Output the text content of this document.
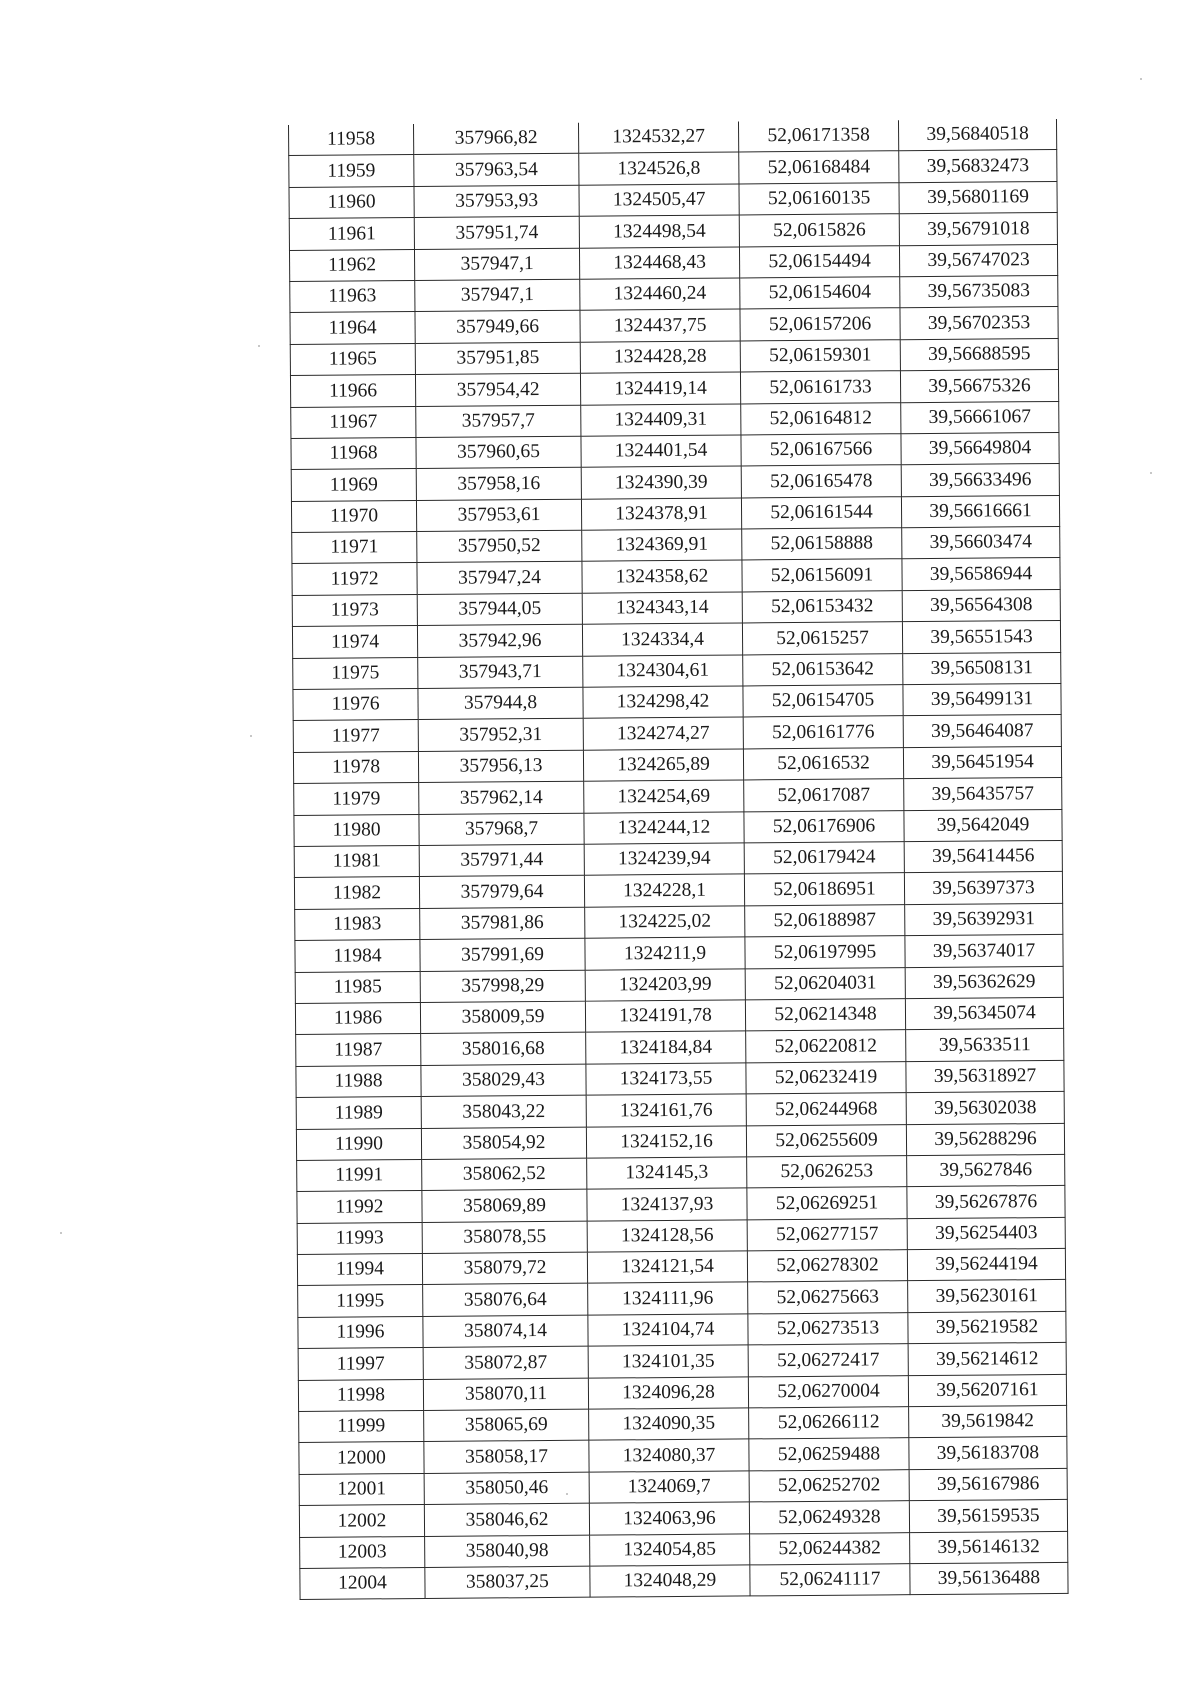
11958	357966,82	1324532,27	52,06171358	39,56840518
11959	357963,54	1324526,8	52,06168484	39,56832473
11960	357953,93	1324505,47	52,06160135	39,56801169
11961	357951,74	1324498,54	52,0615826	39,56791018
11962	357947,1	1324468,43	52,06154494	39,56747023
11963	357947,1	1324460,24	52,06154604	39,56735083
11964	357949,66	1324437,75	52,06157206	39,56702353
11965	357951,85	1324428,28	52,06159301	39,56688595
11966	357954,42	1324419,14	52,06161733	39,56675326
11967	357957,7	1324409,31	52,06164812	39,56661067
11968	357960,65	1324401,54	52,06167566	39,56649804
11969	357958,16	1324390,39	52,06165478	39,56633496
11970	357953,61	1324378,91	52,06161544	39,56616661
11971	357950,52	1324369,91	52,06158888	39,56603474
11972	357947,24	1324358,62	52,06156091	39,56586944
11973	357944,05	1324343,14	52,06153432	39,56564308
11974	357942,96	1324334,4	52,0615257	39,56551543
11975	357943,71	1324304,61	52,06153642	39,56508131
11976	357944,8	1324298,42	52,06154705	39,56499131
11977	357952,31	1324274,27	52,06161776	39,56464087
11978	357956,13	1324265,89	52,0616532	39,56451954
11979	357962,14	1324254,69	52,0617087	39,56435757
11980	357968,7	1324244,12	52,06176906	39,5642049
11981	357971,44	1324239,94	52,06179424	39,56414456
11982	357979,64	1324228,1	52,06186951	39,56397373
11983	357981,86	1324225,02	52,06188987	39,56392931
11984	357991,69	1324211,9	52,06197995	39,56374017
11985	357998,29	1324203,99	52,06204031	39,56362629
11986	358009,59	1324191,78	52,06214348	39,56345074
11987	358016,68	1324184,84	52,06220812	39,5633511
11988	358029,43	1324173,55	52,06232419	39,56318927
11989	358043,22	1324161,76	52,06244968	39,56302038
11990	358054,92	1324152,16	52,06255609	39,56288296
11991	358062,52	1324145,3	52,0626253	39,5627846
11992	358069,89	1324137,93	52,06269251	39,56267876
11993	358078,55	1324128,56	52,06277157	39,56254403
11994	358079,72	1324121,54	52,06278302	39,56244194
11995	358076,64	1324111,96	52,06275663	39,56230161
11996	358074,14	1324104,74	52,06273513	39,56219582
11997	358072,87	1324101,35	52,06272417	39,56214612
11998	358070,11	1324096,28	52,06270004	39,56207161
11999	358065,69	1324090,35	52,06266112	39,5619842
12000	358058,17	1324080,37	52,06259488	39,56183708
12001	358050,46	1324069,7	52,06252702	39,56167986
12002	358046,62	1324063,96	52,06249328	39,56159535
12003	358040,98	1324054,85	52,06244382	39,56146132
12004	358037,25	1324048,29	52,06241117	39,56136488
